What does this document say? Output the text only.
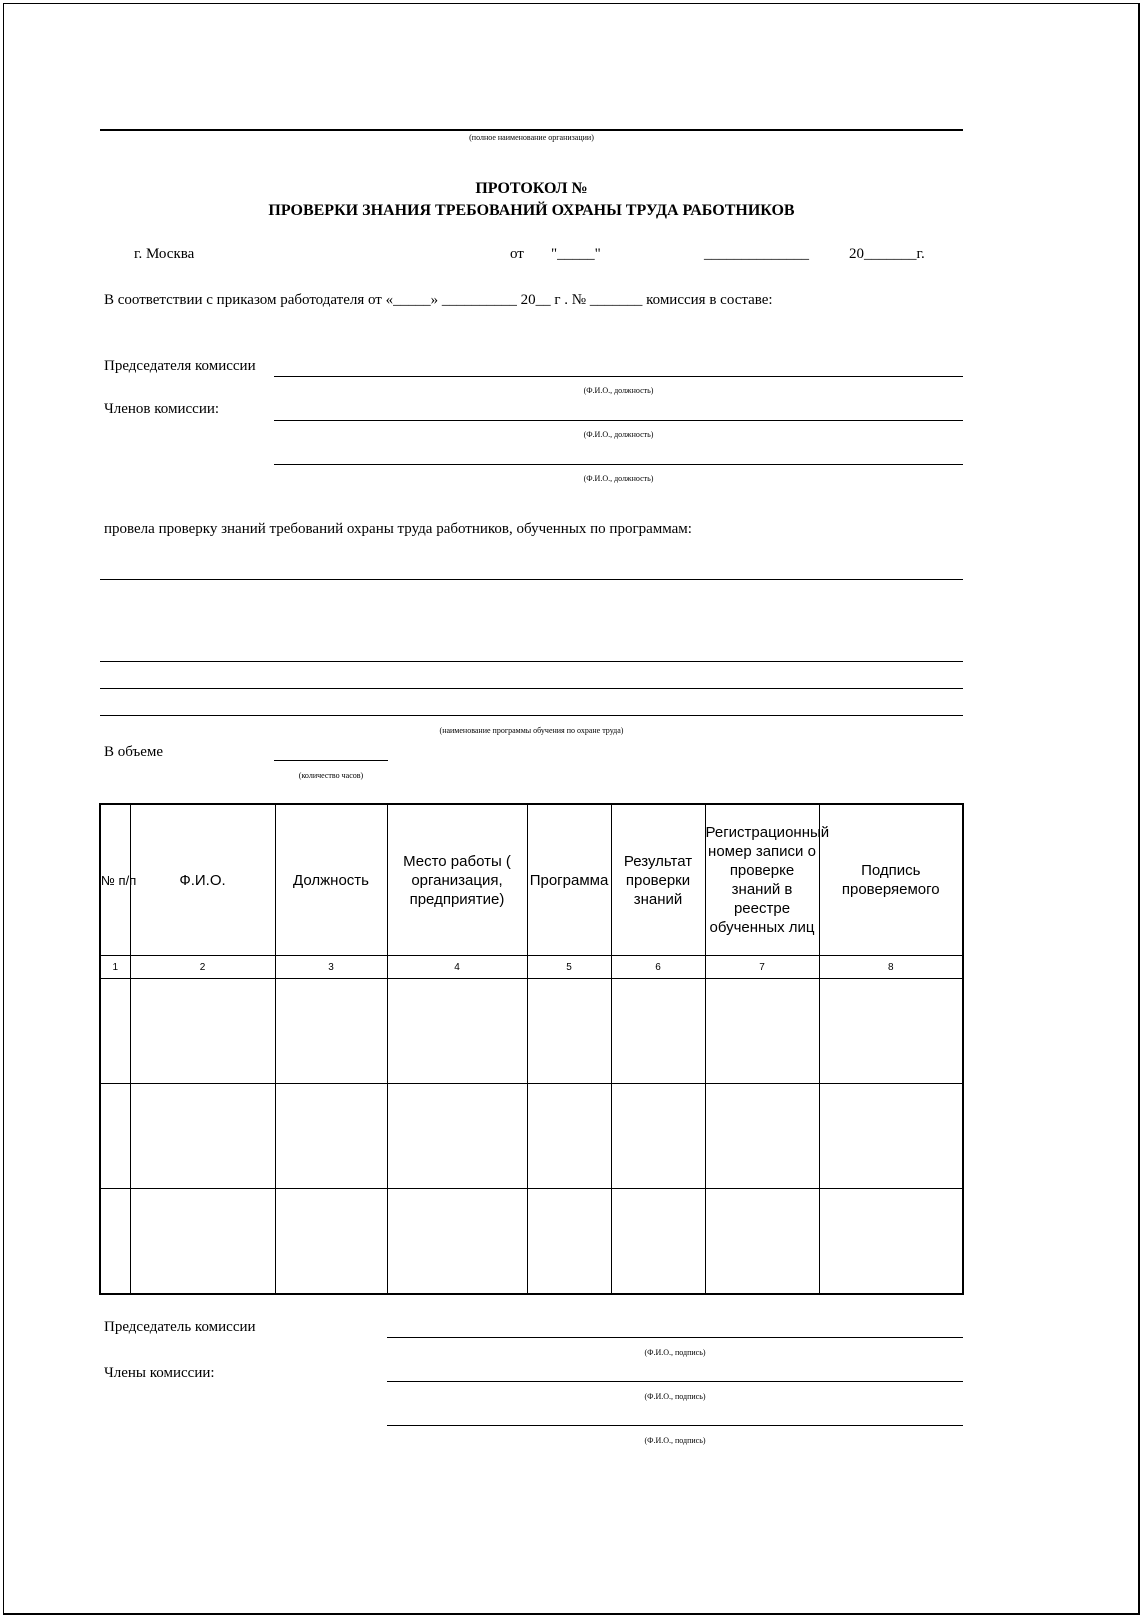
(полное наименование организации)
ПРОТОКОЛ №
ПРОВЕРКИ ЗНАНИЯ ТРЕБОВАНИЙ ОХРАНЫ ТРУДА РАБОТНИКОВ
г. Москва	от "_____"	______________	20_______г.
В соответствии с приказом работодателя от «_____» __________ 20__ г . № _______ комиссия в составе:
Председателя комиссии
(Ф.И.О., должность)
Членов комиссии:
(Ф.И.О., должность)
(Ф.И.О., должность)
провела проверку знаний требований охраны труда работников, обученных по программам:
(наименование программы обучения по охране труда)
В объеме
(количество часов)
Председатель комиссии
(Ф.И.О., подпись)
Члены комиссии:
(Ф.И.О., подпись)
(Ф.И.О., подпись)
№ п/п	Ф.И.О.	Должность	Место работы ( организация, предприятие)	Программа	Результат проверки знаний	Регистрационный номер записи о проверке знаний в реестре обученных лиц	Подпись проверяемого
1	2	3	4	5	6	7	8
